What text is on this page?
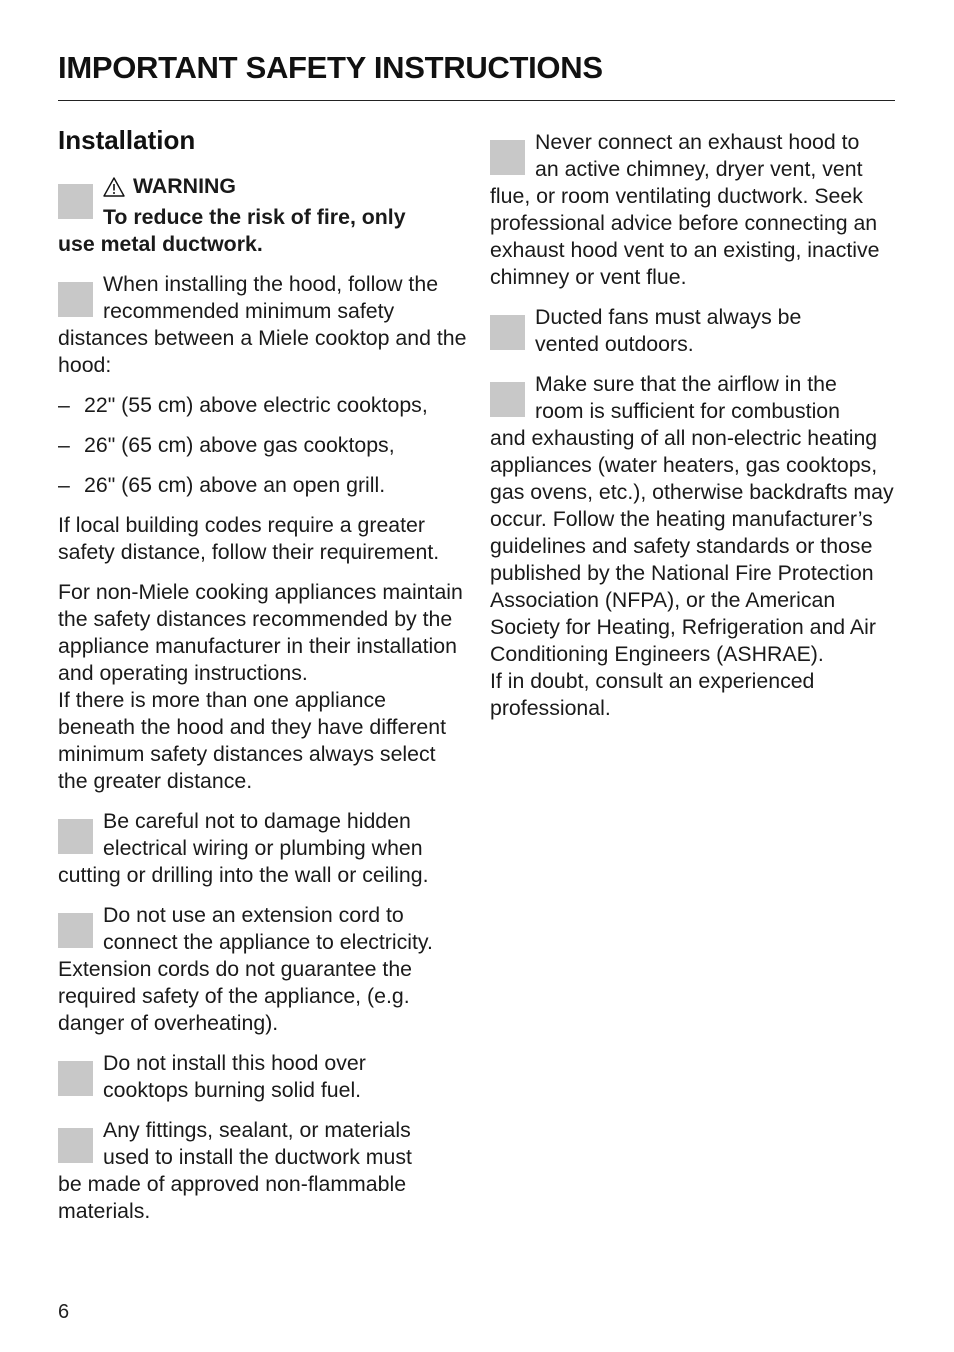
IMPORTANT SAFETY INSTRUCTIONS
Installation
WARNING
To reduce the risk of fire, only
use metal ductwork.
When installing the hood, follow the
recommended minimum safety
distances between a Miele cooktop and the hood:
– 22" (55 cm) above electric cooktops,
– 26" (65 cm) above gas cooktops,
– 26" (65 cm) above an open grill.

If local building codes require a greater safety distance, follow their requirement.

For non-Miele cooking appliances maintain the safety distances recommended by the appliance manufacturer in their installation and operating instructions.

If there is more than one appliance beneath the hood and they have different minimum safety distances always select the greater distance.

Be careful not to damage hidden
electrical wiring or plumbing when
cutting or drilling into the wall or ceiling.
Do not use an extension cord to
connect the appliance to electricity.
Extension cords do not guarantee the required safety of the appliance, (e.g. danger of overheating).
Do not install this hood over
cooktops burning solid fuel.
Any fittings, sealant, or materials
used to install the ductwork must
be made of approved non-flammable materials.
Never connect an exhaust hood to
an active chimney, dryer vent, vent
flue, or room ventilating ductwork. Seek professional advice before connecting an exhaust hood vent to an existing, inactive chimney or vent flue.
Ducted fans must always be
vented outdoors.
Make sure that the airflow in the
room is sufficient for combustion
and exhausting of all non-electric heating appliances (water heaters, gas cooktops, gas ovens, etc.), otherwise backdrafts may occur. Follow the heating manufacturer’s guidelines and safety standards or those published by the National Fire Protection Association (NFPA), or the American Society for Heating, Refrigeration and Air Conditioning Engineers (ASHRAE).
If in doubt, consult an experienced professional.

6
